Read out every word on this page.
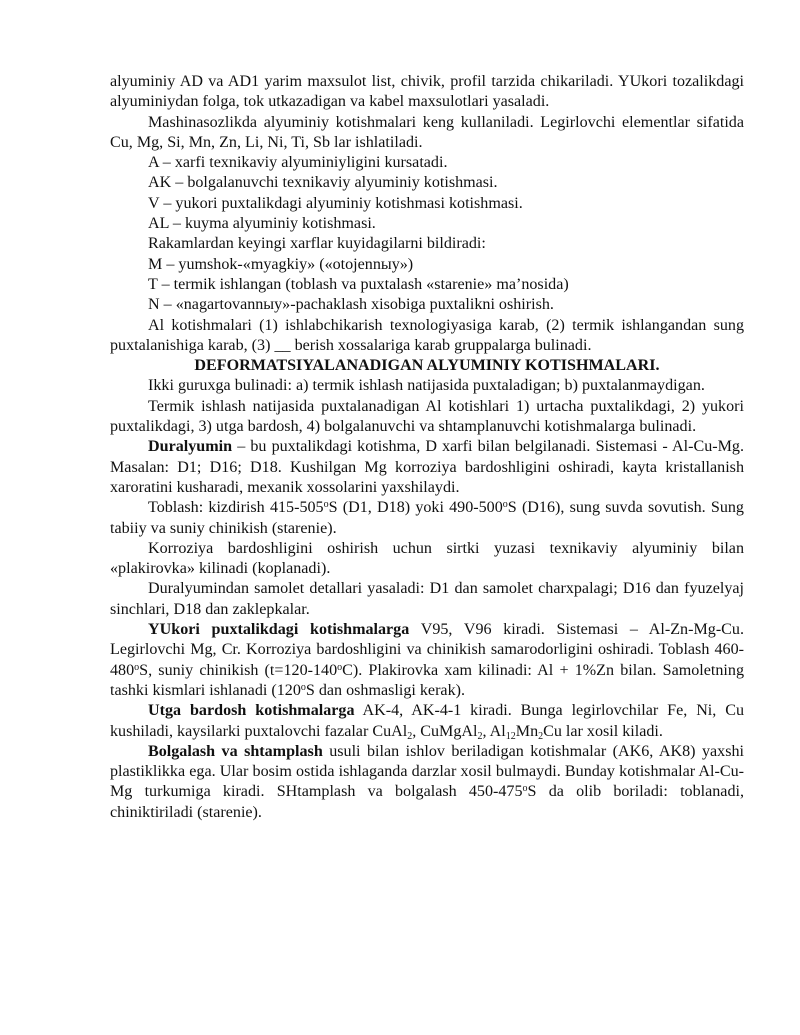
alyuminiy AD va AD1 yarim maxsulot list, chivik, profil tarzida chikariladi. YUkori tozalikdagi alyuminiydan folga, tok utkazadigan va kabel maxsulotlari yasaladi.

Mashinasozlikda alyuminiy kotishmalari keng kullaniladi. Legirlovchi elementlar sifatida Cu, Mg, Si, Mn, Zn, Li, Ni, Ti, Sb lar ishlatiladi.

A – xarfi texnikaviy alyuminiyligini kursatadi.

AK – bolgalanuvchi texnikaviy alyuminiy kotishmasi.

V – yukori puxtalikdagi alyuminiy kotishmasi kotishmasi.

AL – kuyma alyuminiy kotishmasi.

Rakamlardan keyingi xarflar kuyidagilarni bildiradi:

M – yumshok-«myagkiy» («otojennыy»)

T – termik ishlangan (toblash va puxtalash «starenie» ma’nosida)

N – «nagartovannыy»-pachaklash xisobiga puxtalikni oshirish.

Al kotishmalari (1) ishlabchikarish texnologiyasiga karab, (2) termik ishlangandan sung puxtalanishiga karab, (3) __ berish xossalariga karab gruppalarga bulinadi.

DEFORMATSIYALANADIGAN ALYUMINIY KOTISHMALARI.

Ikki guruxga bulinadi: a) termik ishlash natijasida puxtaladigan; b) puxtalanmaydigan.

Termik ishlash natijasida puxtalanadigan Al kotishlari 1) urtacha puxtalikdagi, 2) yukori puxtalikdagi, 3) utga bardosh, 4) bolgalanuvchi va shtamplanuvchi kotishmalarga bulinadi.

Duralyumin – bu puxtalikdagi kotishma, D xarfi bilan belgilanadi. Sistemasi - Al-Cu-Mg. Masalan: D1; D16; D18. Kushilgan Mg korroziya bardoshligini oshiradi, kayta kristallanish xaroratini kusharadi, mexanik xossolarini yaxshilaydi.

Toblash: kizdirish 415-505$^o$S (D1, D18) yoki 490-500$^o$S (D16), sung suvda sovutish. Sung tabiiy va suniy chinikish (starenie).

Korroziya bardoshligini oshirish uchun sirtki yuzasi texnikaviy alyuminiy bilan «plakirovka» kilinadi (koplanadi).

Duralyumindan samolet detallari yasaladi: D1 dan samolet charxpalagi; D16 dan fyuzelyaj sinchlari, D18 dan zaklepkalar.

YUkori puxtalikdagi kotishmalarga V95, V96 kiradi. Sistemasi – Al-Zn-Mg-Cu. Legirlovchi Mg, Cr. Korroziya bardoshligini va chinikish samarodorligini oshiradi. Toblash 460-480$^o$S, suniy chinikish $(t=120-140^oC)$. Plakirovka xam kilinadi: Al + 1%Zn bilan. Samoletning tashki kismlari ishlanadi (120$^o$S dan oshmasligi kerak).

Utga bardosh kotishmalarga AK-4, AK-4-1 kiradi. Bunga legirlovchilar Fe, Ni, Cu kushiladi, kaysilarki puxtalovchi fazalar CuAl$_2$, CuMgAl$_2$, $Al_{12}Mn_2Cu$ lar xosil kiladi.

Bolgalash va shtamplash usuli bilan ishlov beriladigan kotishmalar (AK6, AK8) yaxshi plastiklikka ega. Ular bosim ostida ishlaganda darzlar xosil bulmaydi. Bunday kotishmalar Al-Cu-Mg turkumiga kiradi. SHtamplash va bolgalash 450-475$^o$S da olib boriladi: toblanadi, chiniktiriladi (starenie).
